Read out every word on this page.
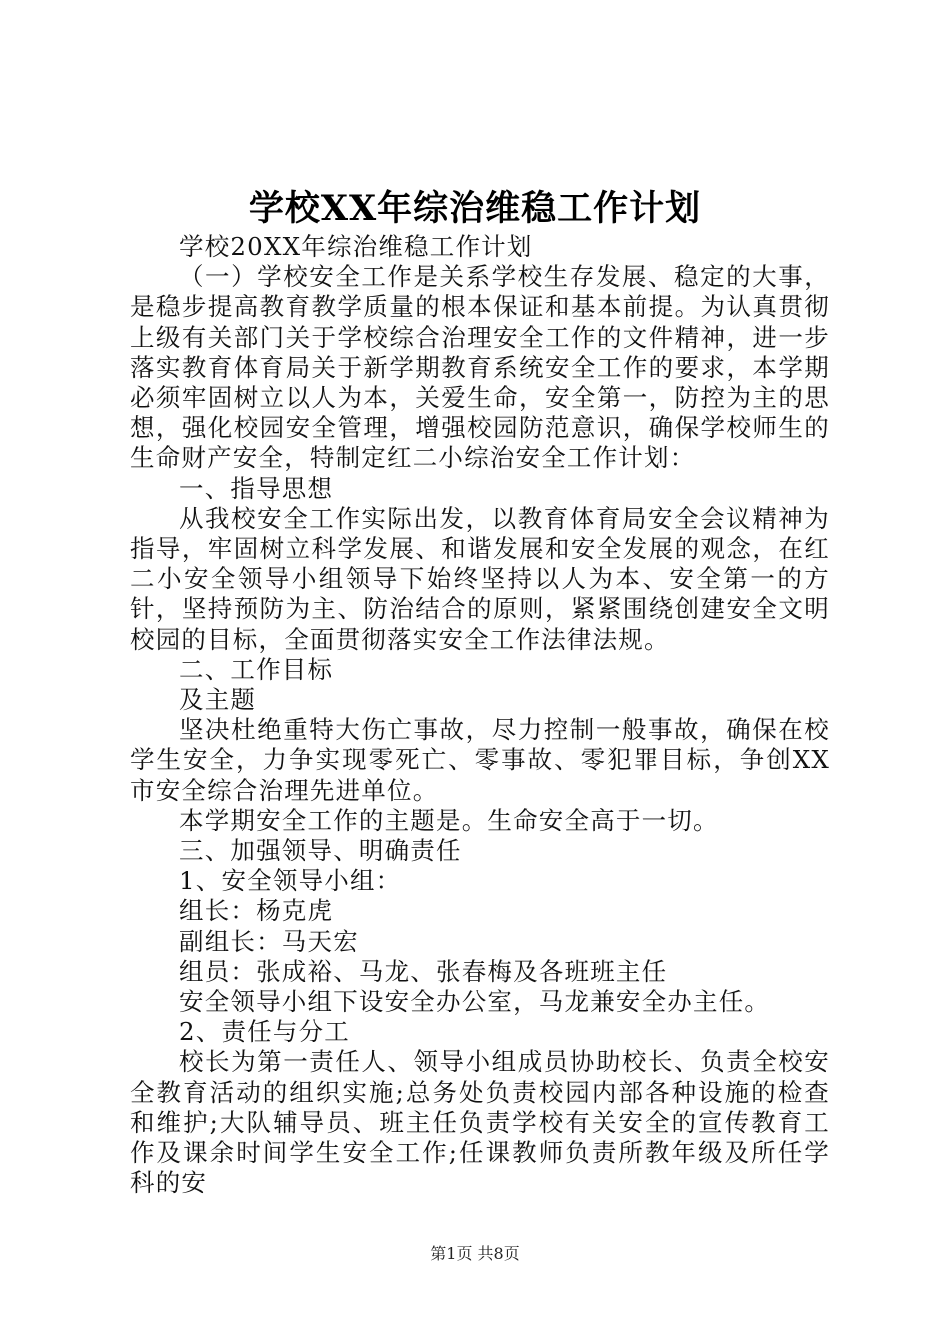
学校XX年综治维稳工作计划

学校20XX年综治维稳工作计划

（一）学校安全工作是关系学校生存发展、稳定的大事，是稳步提高教育教学质量的根本保证和基本前提。为认真贯彻上级有关部门关于学校综合治理安全工作的文件精神，进一步落实教育体育局关于新学期教育系统安全工作的要求，本学期必须牢固树立以人为本，关爱生命，安全第一，防控为主的思想，强化校园安全管理，增强校园防范意识，确保学校师生的生命财产安全，特制定红二小综治安全工作计划：

一、指导思想

从我校安全工作实际出发，以教育体育局安全会议精神为指导，牢固树立科学发展、和谐发展和安全发展的观念，在红二小安全领导小组领导下始终坚持以人为本、安全第一的方针，坚持预防为主、防治结合的原则，紧紧围绕创建安全文明校园的目标，全面贯彻落实安全工作法律法规。

二、工作目标

及主题

坚决杜绝重特大伤亡事故，尽力控制一般事故，确保在校学生安全，力争实现零死亡、零事故、零犯罪目标，争创XX市安全综合治理先进单位。

本学期安全工作的主题是。生命安全高于一切。

三、加强领导、明确责任

1、安全领导小组：

组长：杨克虎

副组长：马天宏

组员：张成裕、马龙、张春梅及各班班主任

安全领导小组下设安全办公室，马龙兼安全办主任。

2、责任与分工

校长为第一责任人、领导小组成员协助校长、负责全校安全教育活动的组织实施;总务处负责校园内部各种设施的检查和维护;大队辅导员、班主任负责学校有关安全的宣传教育工作及课余时间学生安全工作;任课教师负责所教年级及所任学科的安

第1页 共8页
